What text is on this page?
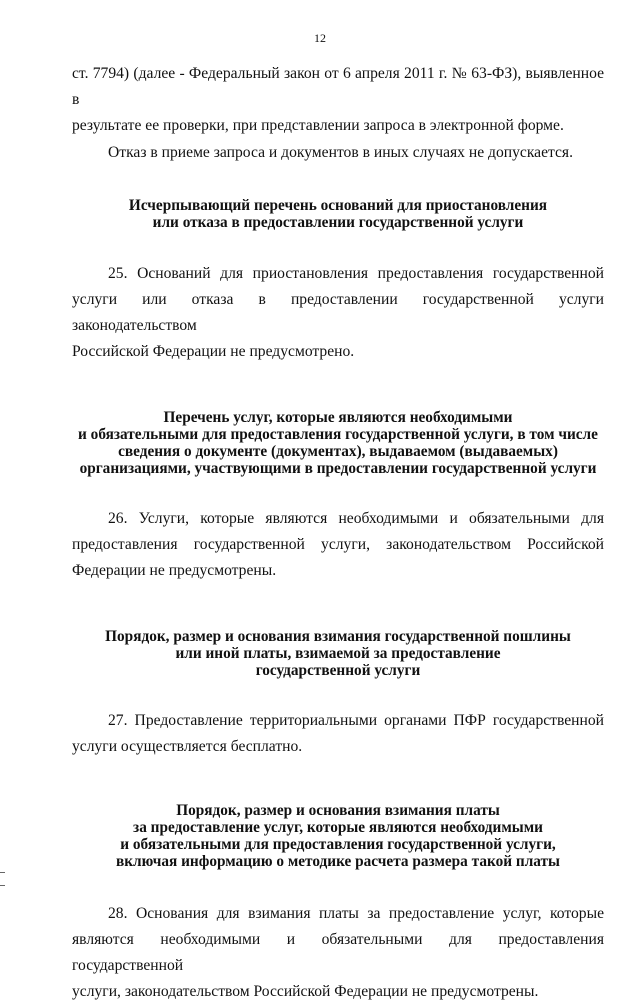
12

ст. 7794) (далее - Федеральный закон от 6 апреля 2011 г. № 63-ФЗ), выявленное в

результате ее проверки, при представлении запроса в электронной форме.

Отказ в приеме запроса и документов в иных случаях не допускается.

Исчерпывающий перечень оснований для приостановления
или отказа в предоставлении государственной услуги

25. Оснований для приостановления предоставления государственной

услуги или отказа в предоставлении государственной услуги законодательством

Российской Федерации не предусмотрено.

Перечень услуг, которые являются необходимыми
и обязательными для предоставления государственной услуги, в том числе
сведения о документе (документах), выдаваемом (выдаваемых)
организациями, участвующими в предоставлении государственной услуги

26. Услуги, которые являются необходимыми и обязательными для

предоставления государственной услуги, законодательством Российской

Федерации не предусмотрены.

Порядок, размер и основания взимания государственной пошлины
или иной платы, взимаемой за предоставление
государственной услуги

27. Предоставление территориальными органами ПФР государственной

услуги осуществляется бесплатно.

Порядок, размер и основания взимания платы
за предоставление услуг, которые являются необходимыми
и обязательными для предоставления государственной услуги,
включая информацию о методике расчета размера такой платы

28. Основания для взимания платы за предоставление услуг, которые

являются необходимыми и обязательными для предоставления государственной

услуги, законодательством Российской Федерации не предусмотрены.
